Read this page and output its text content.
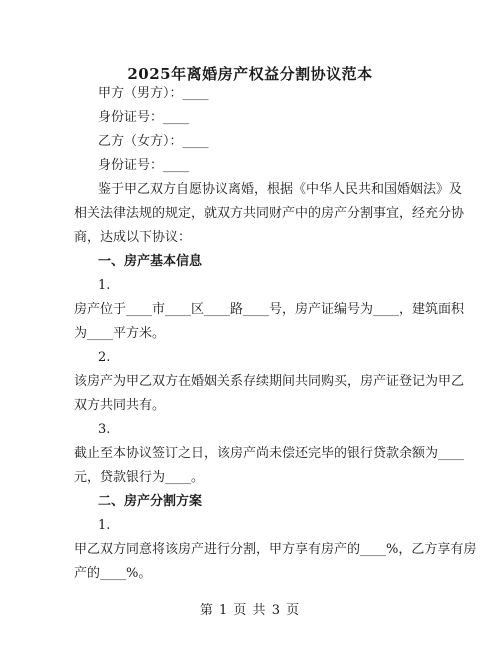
2025年离婚房产权益分割协议范本
甲方（男方）：____
身份证号：____
乙方（女方）：____
身份证号：____
鉴于甲乙双方自愿协议离婚，根据《中华人民共和国婚姻法》及
相关法律法规的规定，就双方共同财产中的房产分割事宜，经充分协
商，达成以下协议：
一、房产基本信息
1.
房产位于____市____区____路____号，房产证编号为____，建筑面积
为____平方米。
2.
该房产为甲乙双方在婚姻关系存续期间共同购买，房产证登记为甲乙
双方共同共有。
3.
截止至本协议签订之日，该房产尚未偿还完毕的银行贷款余额为____
元，贷款银行为____。
二、房产分割方案
1.
甲乙双方同意将该房产进行分割，甲方享有房产的____%，乙方享有房
产的____%。
第 1 页 共 3 页
